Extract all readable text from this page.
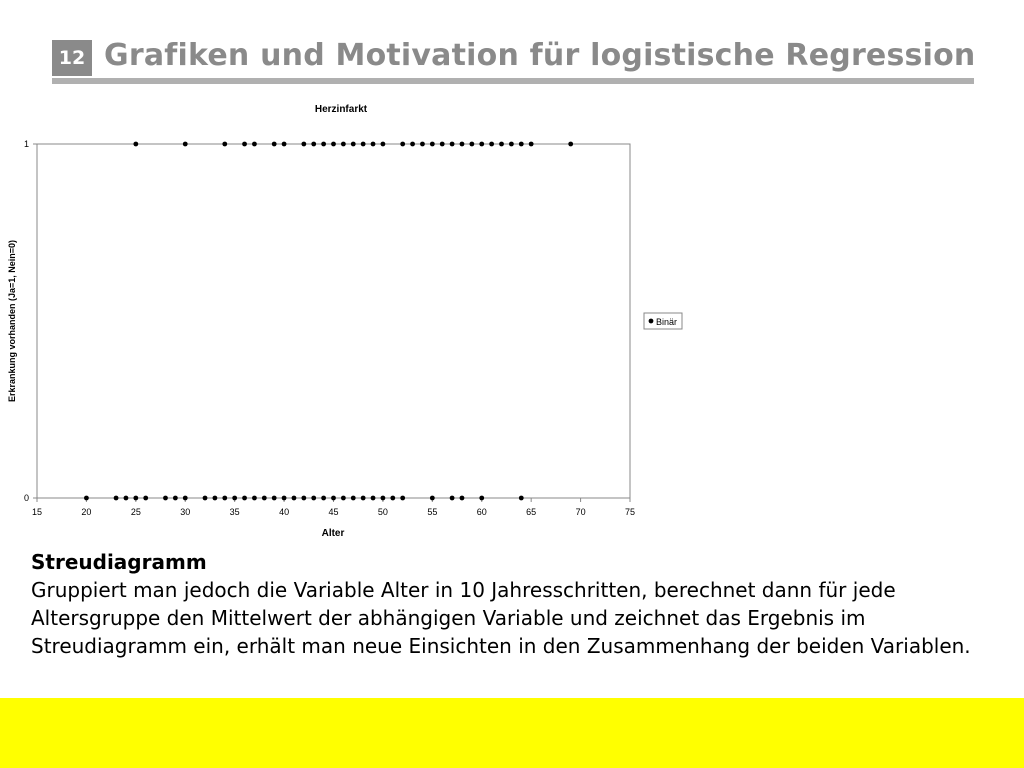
12 Grafiken und Motivation für logistische Regression
Herzinfarkt
0
1
15	20	25	30	35	40	45	50	55	60	65	70	75
Erkrankung vorhanden (Ja=1, Nein=0)
Alter
Binär
Streudiagramm
Gruppiert man jedoch die Variable Alter in 10 Jahresschritten, berechnet dann für jede Altersgruppe den Mittelwert der abhängigen Variable und zeichnet das Ergebnis im Streudiagramm ein, erhält man neue Einsichten in den Zusammenhang der beiden Variablen.
